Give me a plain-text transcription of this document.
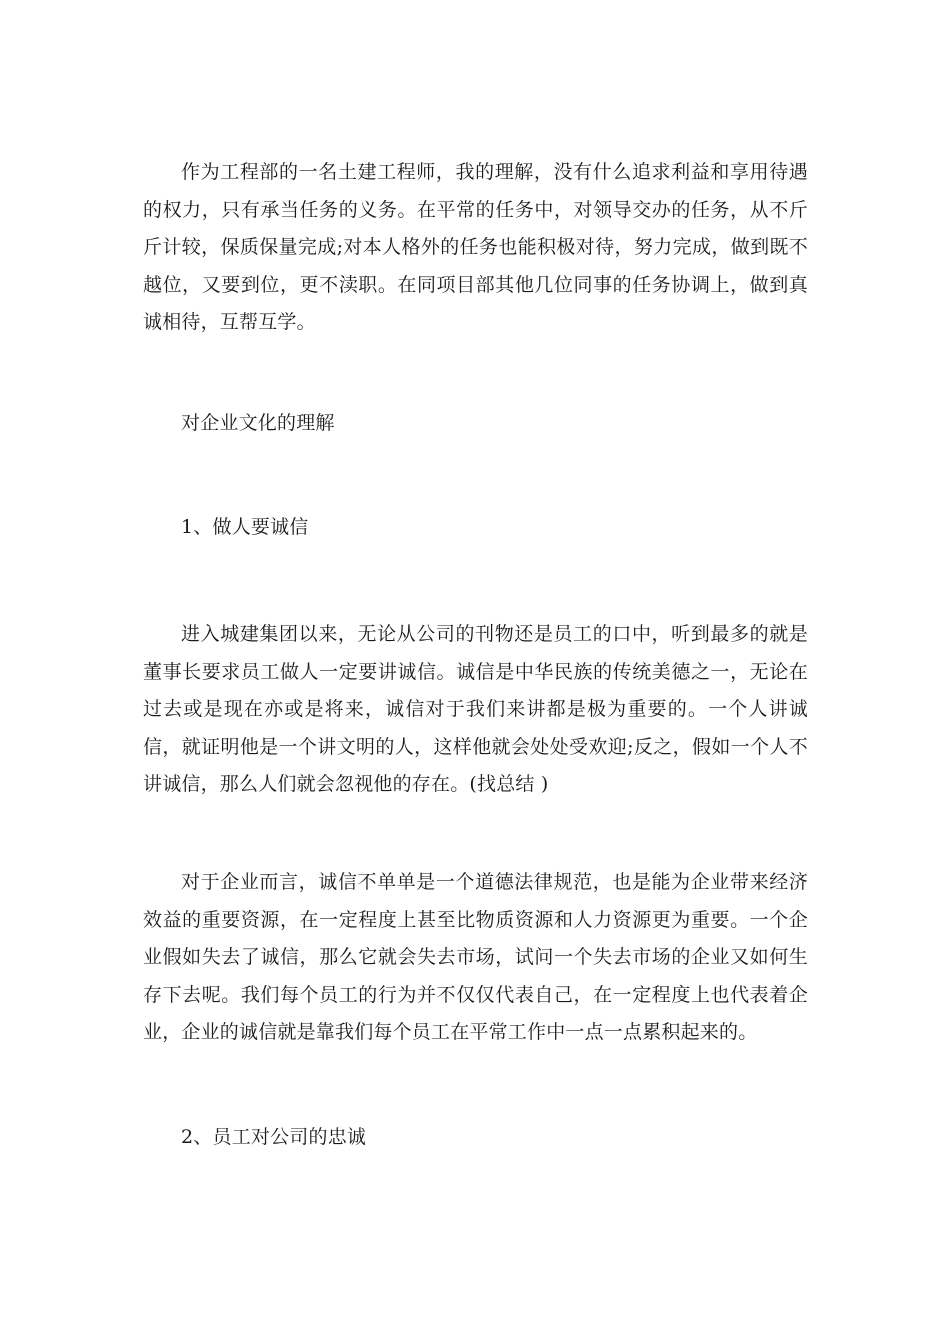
作为工程部的一名土建工程师，我的理解，没有什么追求利益和享用待遇的权力，只有承当任务的义务。在平常的任务中，对领导交办的任务，从不斤斤计较，保质保量完成;对本人格外的任务也能积极对待，努力完成，做到既不越位，又要到位，更不渎职。在同项目部其他几位同事的任务协调上，做到真诚相待，互帮互学。

对企业文化的理解

1、做人要诚信

进入城建集团以来，无论从公司的刊物还是员工的口中，听到最多的就是董事长要求员工做人一定要讲诚信。诚信是中华民族的传统美德之一，无论在过去或是现在亦或是将来，诚信对于我们来讲都是极为重要的。一个人讲诚信，就证明他是一个讲文明的人，这样他就会处处受欢迎;反之，假如一个人不讲诚信，那么人们就会忽视他的存在。(找总结 )

对于企业而言，诚信不单单是一个道德法律规范，也是能为企业带来经济效益的重要资源，在一定程度上甚至比物质资源和人力资源更为重要。一个企业假如失去了诚信，那么它就会失去市场，试问一个失去市场的企业又如何生存下去呢。我们每个员工的行为并不仅仅代表自己，在一定程度上也代表着企业，企业的诚信就是靠我们每个员工在平常工作中一点一点累积起来的。

2、员工对公司的忠诚
